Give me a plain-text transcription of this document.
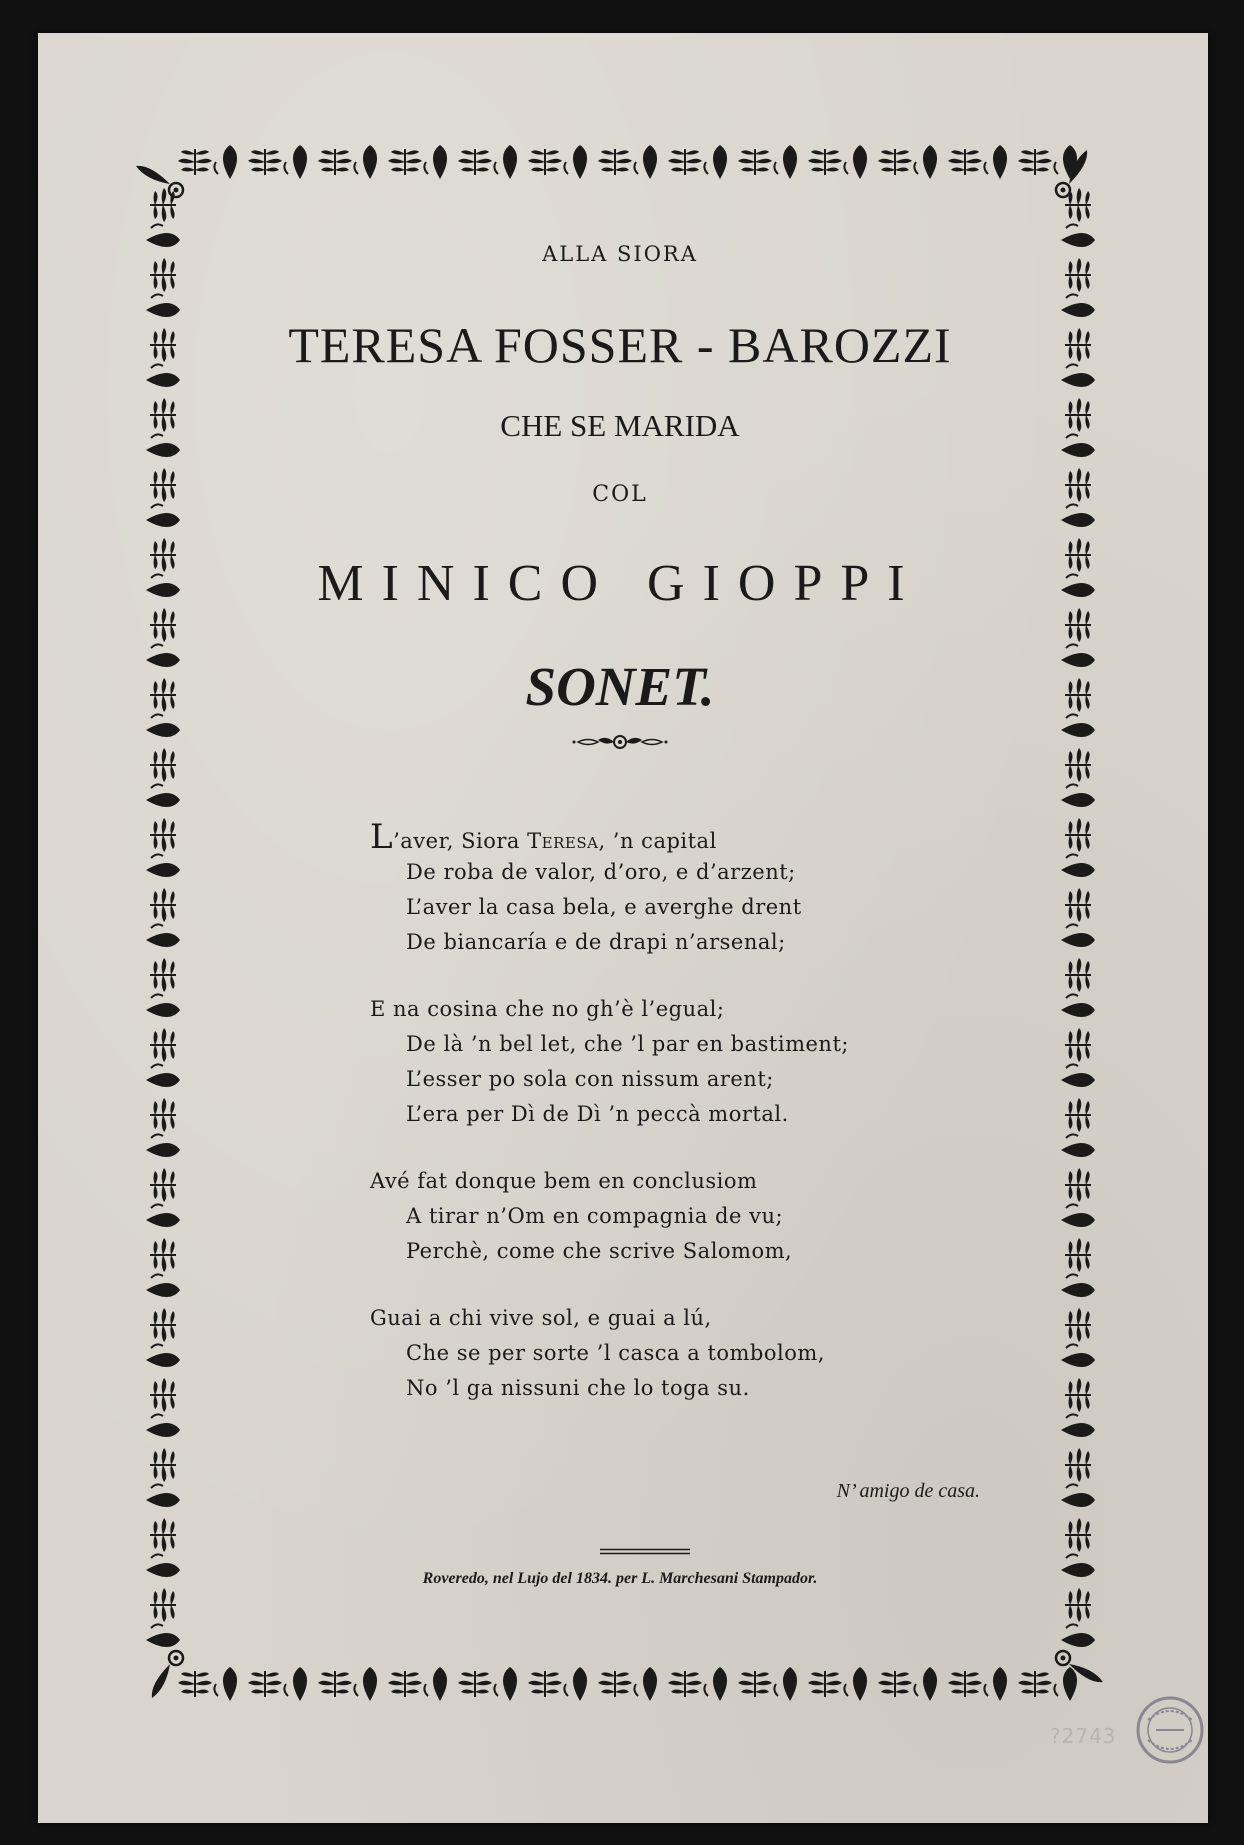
ALLA SIORA
TERESA FOSSER - BAROZZI
CHE SE MARIDA
COL
MINICO GIOPPI
SONET.
L’aver, Siora Teresa, ’n capital
De roba de valor, d’oro, e d’arzent;
L’aver la casa bela, e averghe drent
De biancaría e de drapi n’arsenal;
E na cosina che no gh’è l’egual;
De là ’n bel let, che ’l par en bastiment;
L’esser po sola con nissum arent;
L’era per Dì de Dì ’n peccà mortal.
Avé fat donque bem en conclusiom
A tirar n’Om en compagnia de vu;
Perchè, come che scrive Salomom,
Guai a chi vive sol, e guai a lú,
Che se per sorte ’l casca a tombolom,
No ’l ga nissuni che lo toga su.
N’ amigo de casa.
Roveredo, nel Lujo del 1834. per L. Marchesani Stampador.
?2743
